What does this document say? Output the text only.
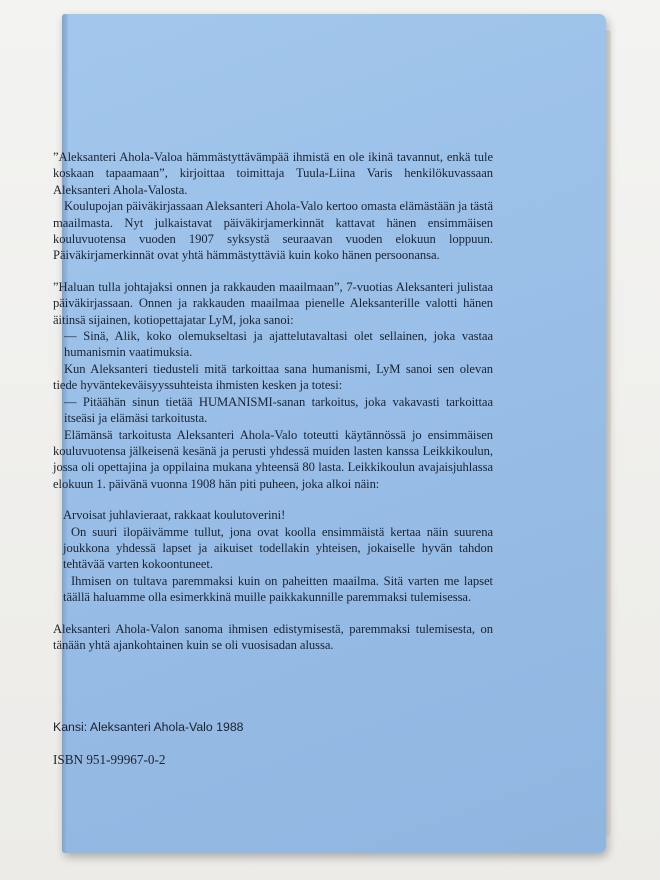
”Aleksanteri Ahola-Valoa hämmästyttävämpää ihmistä en ole ikinä tavannut, enkä tule koskaan tapaamaan”, kirjoittaa toimittaja Tuula-Liina Varis henkilökuvassaan Aleksanteri Ahola-Valosta.

Koulupojan päiväkirjassaan Aleksanteri Ahola-Valo kertoo omasta elämästään ja tästä maailmasta. Nyt julkaistavat päiväkirjamerkinnät kattavat hänen ensimmäisen kouluvuotensa vuoden 1907 syksystä seuraavan vuoden elokuun loppuun. Päiväkirjamerkinnät ovat yhtä hämmästyttäviä kuin koko hänen persoonansa.

”Haluan tulla johtajaksi onnen ja rakkauden maailmaan”, 7-vuotias Aleksanteri julistaa päiväkirjassaan. Onnen ja rakkauden maailmaa pienelle Aleksanterille valotti hänen äitinsä sijainen, kotiopettajatar LyM, joka sanoi:

— Sinä, Alik, koko olemukseltasi ja ajattelutavaltasi olet sellainen, joka vastaa humanismin vaatimuksia.

Kun Aleksanteri tiedusteli mitä tarkoittaa sana humanismi, LyM sanoi sen olevan tiede hyväntekeväisyyssuhteista ihmisten kesken ja totesi:

— Pitäähän sinun tietää HUMANISMI-sanan tarkoitus, joka vakavasti tarkoittaa itseäsi ja elämäsi tarkoitusta.

Elämänsä tarkoitusta Aleksanteri Ahola-Valo toteutti käytännössä jo ensimmäisen kouluvuotensa jälkeisenä kesänä ja perusti yhdessä muiden lasten kanssa Leikkikoulun, jossa oli opettajina ja oppilaina mukana yhteensä 80 lasta. Leikkikoulun avajaisjuhlassa elokuun 1. päivänä vuonna 1908 hän piti puheen, joka alkoi näin:

Arvoisat juhlavieraat, rakkaat koulutoverini!

On suuri ilopäivämme tullut, jona ovat koolla ensimmäistä kertaa näin suurena joukkona yhdessä lapset ja aikuiset todellakin yhteisen, jokaiselle hyvän tahdon tehtävää varten kokoontuneet.

Ihmisen on tultava paremmaksi kuin on paheitten maailma. Sitä varten me lapset täällä haluamme olla esimerkkinä muille paikkakunnille paremmaksi tulemisessa.

Aleksanteri Ahola-Valon sanoma ihmisen edistymisestä, paremmaksi tulemisesta, on tänään yhtä ajankohtainen kuin se oli vuosisadan alussa.

Kansi: Aleksanteri Ahola-Valo 1988
ISBN 951-99967-0-2
